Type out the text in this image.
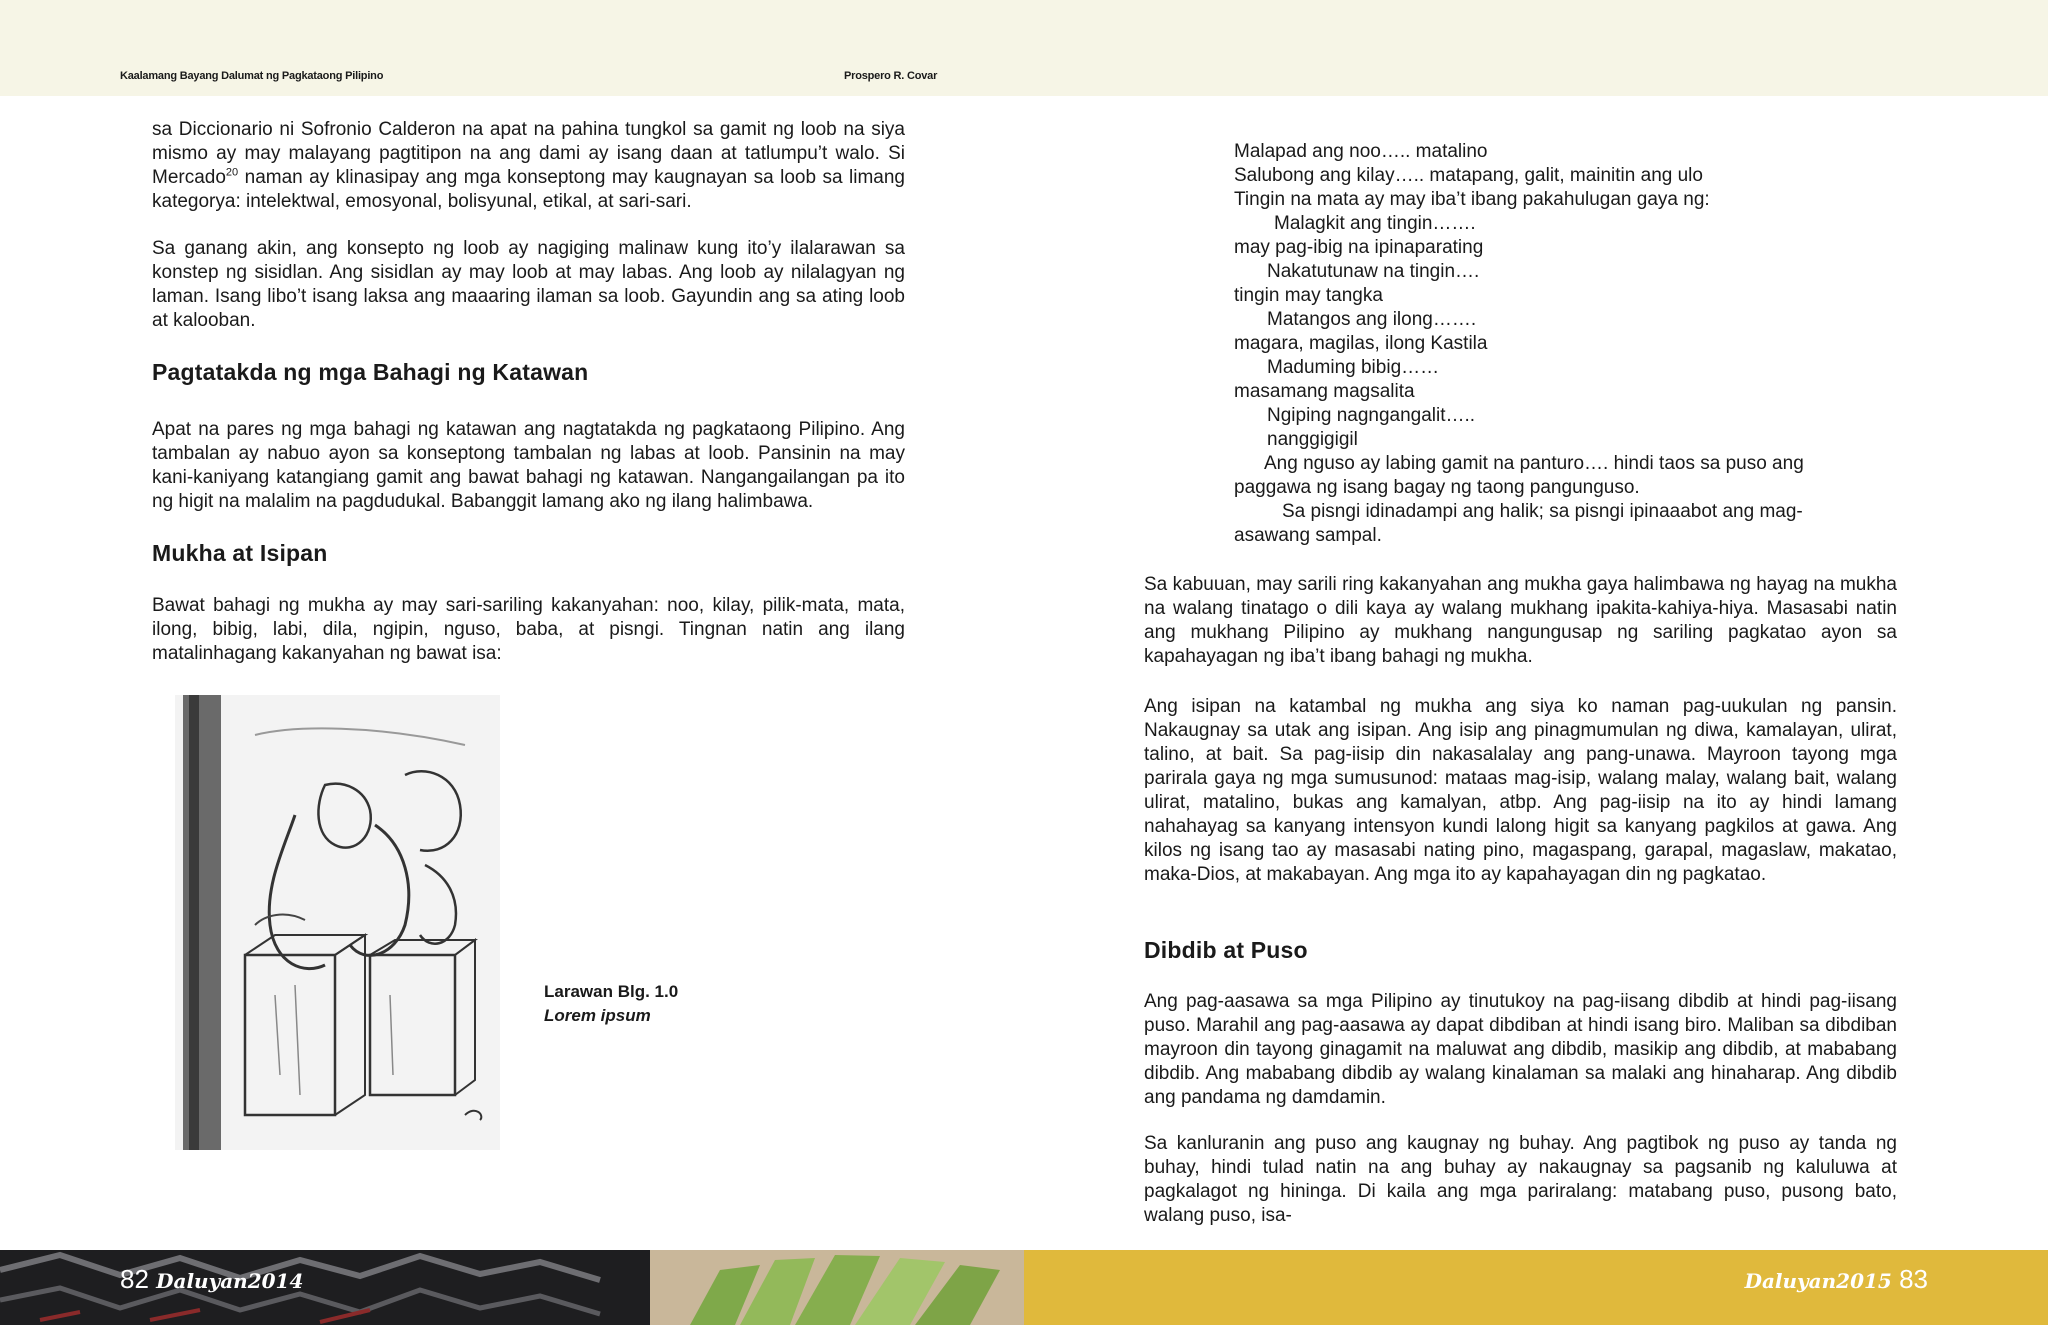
Kaalamang Bayang Dalumat ng Pagkataong Pilipino	Prospero R. Covar

sa Diccionario ni Sofronio Calderon na apat na pahina tungkol sa gamit ng loob na siya mismo ay may malayang pagtitipon na ang dami ay isang daan at tatlumpu’t walo. Si Mercado$^{20}$ naman ay klinasipay ang mga konseptong may kaugnayan sa loob sa limang kategorya: intelektwal, emosyonal, bolisyunal, etikal, at sari-sari.

Sa ganang akin, ang konsepto ng loob ay nagiging malinaw kung ito’y ilalarawan sa konstep ng sisidlan. Ang sisidlan ay may loob at may labas. Ang loob ay nilalagyan ng laman. Isang libo’t isang laksa ang maaaring ilaman sa loob. Gayundin ang sa ating loob at kalooban.

Pagtatakda ng mga Bahagi ng Katawan

Apat na pares ng mga bahagi ng katawan ang nagtatakda ng pagkataong Pilipino. Ang tambalan ay nabuo ayon sa konseptong tambalan ng labas at loob. Pansinin na may kani-kaniyang katangiang gamit ang bawat bahagi ng katawan. Nangangailangan pa ito ng higit na malalim na pagdudukal. Babanggit lamang ako ng ilang halimbawa.

Mukha at Isipan

Bawat bahagi ng mukha ay may sari-sariling kakanyahan: noo, kilay, pilik-mata, mata, ilong, bibig, labi, dila, ngipin, nguso, baba, at pisngi. Tingnan natin ang ilang matalinhagang kakanyahan ng bawat isa:

Larawan Blg. 1.0
Lorem ipsum
Malapad ang noo….. matalino
Salubong ang kilay….. matapang, galit, mainitin ang ulo
Tingin na mata ay may iba’t ibang pakahulugan gaya ng:
Malagkit ang tingin…….
may pag-ibig na ipinaparating
Nakatutunaw na tingin….
tingin may tangka
Matangos ang ilong…….
magara, magilas, ilong Kastila
Maduming bibig……
masamang magsalita
Ngiping nagngangalit…..
nanggigigil
Ang nguso ay labing gamit na panturo…. hindi taos sa puso ang
paggawa ng isang bagay ng taong pangunguso.
Sa pisngi idinadampi ang halik; sa pisngi ipinaaabot ang mag-
asawang sampal.

Sa kabuuan, may sarili ring kakanyahan ang mukha gaya halimbawa ng hayag na mukha na walang tinatago o dili kaya ay walang mukhang ipakita-kahiya-hiya. Masasabi natin ang mukhang Pilipino ay mukhang nangungusap ng sariling pagkatao ayon sa kapahayagan ng iba’t ibang bahagi ng mukha.

Ang isipan na katambal ng mukha ang siya ko naman pag-uukulan ng pansin. Nakaugnay sa utak ang isipan. Ang isip ang pinagmumulan ng diwa, kamalayan, ulirat, talino, at bait. Sa pag-iisip din nakasalalay ang pang-unawa. Mayroon tayong mga parirala gaya ng mga sumusunod: mataas mag-isip, walang malay, walang bait, walang ulirat, matalino, bukas ang kamalyan, atbp. Ang pag-iisip na ito ay hindi lamang nahahayag sa kanyang intensyon kundi lalong higit sa kanyang pagkilos at gawa. Ang kilos ng isang tao ay masasabi nating pino, magaspang, garapal, magaslaw, makatao, maka-Dios, at makabayan. Ang mga ito ay kapahayagan din ng pagkatao.

Dibdib at Puso

Ang pag-aasawa sa mga Pilipino ay tinutukoy na pag-iisang dibdib at hindi pag-iisang puso. Marahil ang pag-aasawa ay dapat dibdiban at hindi isang biro. Maliban sa dibdiban mayroon din tayong ginagamit na maluwat ang dibdib, masikip ang dibdib, at mababang dibdib. Ang mababang dibdib ay walang kinalaman sa malaki ang hinaharap. Ang dibdib ang pandama ng damdamin.

Sa kanluranin ang puso ang kaugnay ng buhay. Ang pagtibok ng puso ay tanda ng buhay, hindi tulad natin na ang buhay ay nakaugnay sa pagsanib ng kaluluwa at pagkalagot ng hininga. Di kaila ang mga pariralang: matabang puso, pusong bato, walang puso, isa-

82 Daluyan2014	Daluyan2015 83
